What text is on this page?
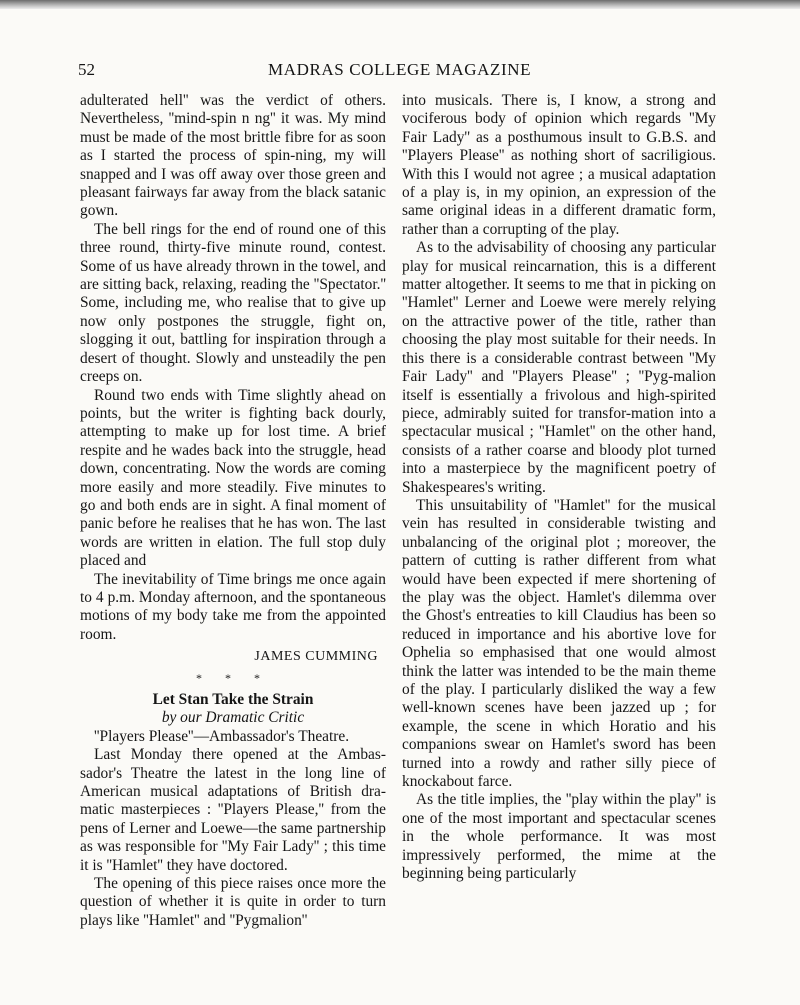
52	MADRAS COLLEGE MAGAZINE

adulterated hell'' was the verdict of others. Nevertheless, ''mind-spin n ng'' it was. My mind must be made of the most brittle fibre for as soon as I started the process of spin-ning, my will snapped and I was off away over those green and pleasant fairways far away from the black satanic gown.

The bell rings for the end of round one of this three round, thirty-five minute round, contest. Some of us have already thrown in the towel, and are sitting back, relaxing, reading the ''Spectator.'' Some, including me, who realise that to give up now only postpones the struggle, fight on, slogging it out, battling for inspiration through a desert of thought. Slowly and unsteadily the pen creeps on.

Round two ends with Time slightly ahead on points, but the writer is fighting back dourly, attempting to make up for lost time. A brief respite and he wades back into the struggle, head down, concentrating. Now the words are coming more easily and more steadily. Five minutes to go and both ends are in sight. A final moment of panic before he realises that he has won. The last words are written in elation. The full stop duly placed and

The inevitability of Time brings me once again to 4 p.m. Monday afternoon, and the spontaneous motions of my body take me from the appointed room.

JAMES CUMMING

* * *

Let Stan Take the Strain

by our Dramatic Critic

''Players Please''—Ambassador's Theatre.

Last Monday there opened at the Ambas-sador's Theatre the latest in the long line of American musical adaptations of British dra-matic masterpieces : ''Players Please,'' from the pens of Lerner and Loewe—the same partnership as was responsible for ''My Fair Lady'' ; this time it is ''Hamlet'' they have doctored.

The opening of this piece raises once more the question of whether it is quite in order to turn plays like ''Hamlet'' and ''Pygmalion''

into musicals. There is, I know, a strong and vociferous body of opinion which regards ''My Fair Lady'' as a posthumous insult to G.B.S. and ''Players Please'' as nothing short of sacriligious. With this I would not agree ; a musical adaptation of a play is, in my opinion, an expression of the same original ideas in a different dramatic form, rather than a corrupting of the play.

As to the advisability of choosing any particular play for musical reincarnation, this is a different matter altogether. It seems to me that in picking on ''Hamlet'' Lerner and Loewe were merely relying on the attractive power of the title, rather than choosing the play most suitable for their needs. In this there is a considerable contrast between ''My Fair Lady'' and ''Players Please'' ; ''Pyg-malion itself is essentially a frivolous and high-spirited piece, admirably suited for transfor-mation into a spectacular musical ; ''Hamlet'' on the other hand, consists of a rather coarse and bloody plot turned into a masterpiece by the magnificent poetry of Shakespeares's writing.

This unsuitability of ''Hamlet'' for the musical vein has resulted in considerable twisting and unbalancing of the original plot ; moreover, the pattern of cutting is rather different from what would have been expected if mere shortening of the play was the object. Hamlet's dilemma over the Ghost's entreaties to kill Claudius has been so reduced in importance and his abortive love for Ophelia so emphasised that one would almost think the latter was intended to be the main theme of the play. I particularly disliked the way a few well-known scenes have been jazzed up ; for example, the scene in which Horatio and his companions swear on Hamlet's sword has been turned into a rowdy and rather silly piece of knockabout farce.

As the title implies, the ''play within the play'' is one of the most important and spectacular scenes in the whole performance. It was most impressively performed, the mime at the beginning being particularly
